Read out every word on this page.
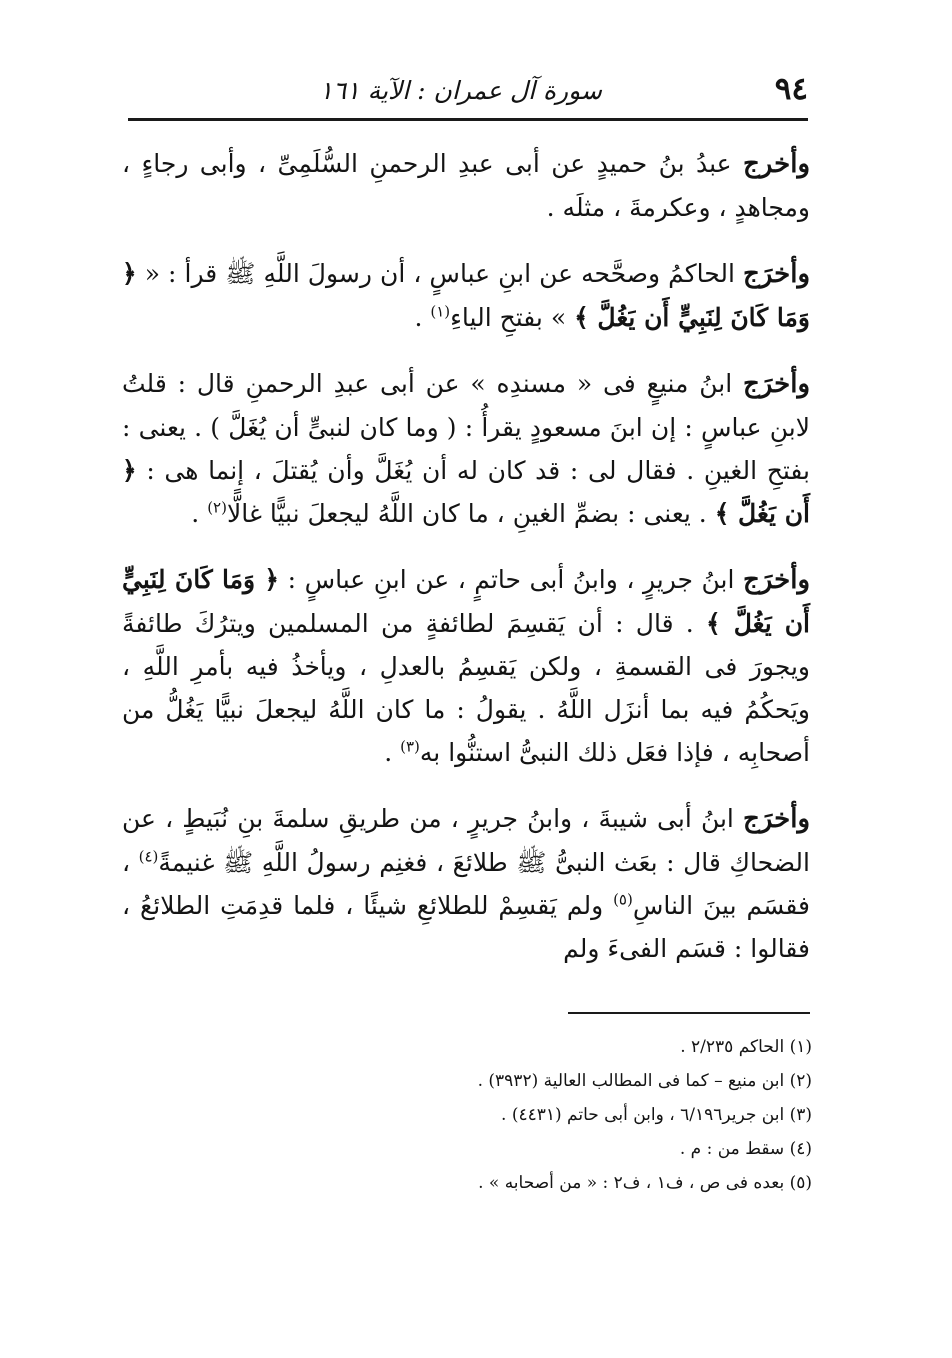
٩٤
سورة آل عمران : الآية ١٦١

وأخرج عبدُ بنُ حميدٍ عن أبى عبدِ الرحمنِ السُّلَمِىِّ ، وأبى رجاءٍ ، ومجاهدٍ ، وعكرمةَ ، مثلَه .

وأخرَج الحاكمُ وصحَّحه عن ابنِ عباسٍ ، أن رسولَ اللَّهِ ﷺ قرأ : « ﴿ وَمَا كَانَ لِنَبِيٍّ أَن يَغُلَّ ﴾ » بفتحِ الياءِ$^{(١)}$ .

وأخرَج ابنُ منيعٍ فى « مسندِه » عن أبى عبدِ الرحمنِ قال : قلتُ لابنِ عباسٍ : إن ابنَ مسعودٍ يقرأُ : ( وما كان لنبىٍّ أن يُغَلَّ ) . يعنى : بفتحِ الغينِ . فقال لى : قد كان له أن يُغَلَّ وأن يُقتلَ ، إنما هى : ﴿ أَن يَغُلَّ ﴾ . يعنى : بضمِّ الغينِ ، ما كان اللَّهُ ليجعلَ نبيًّا غالًّا$^{(٢)}$ .

وأخرَج ابنُ جريرٍ ، وابنُ أبى حاتمٍ ، عن ابنِ عباسٍ : ﴿ وَمَا كَانَ لِنَبِيٍّ أَن يَغُلَّ ﴾ . قال : أن يَقسِمَ لطائفةٍ من المسلمين ويترُكَ طائفةً ويجورَ فى القسمةِ ، ولكن يَقسِمُ بالعدلِ ، ويأخذُ فيه بأمرِ اللَّهِ ، ويَحكُمُ فيه بما أنزَل اللَّهُ . يقولُ : ما كان اللَّهُ ليجعلَ نبيًّا يَغُلُّ من أصحابِه ، فإذا فعَل ذلك النبىُّ استنُّوا به$^{(٣)}$ .

وأخرَج ابنُ أبى شيبةَ ، وابنُ جريرٍ ، من طريقِ سلمةَ بنِ نُبَيطٍ ، عن الضحاكِ قال : بعَث النبىُّ ﷺ طلائعَ ، فغنِم رسولُ اللَّهِ ﷺ غنيمةً$^{(٤)}$ ، فقسَم بينَ الناسِ$^{(٥)}$ ولم يَقسِمْ للطلائعِ شيئًا ، فلما قدِمَتِ الطلائعُ ، فقالوا : قسَم الفىءَ ولم

(١) الحاكم ٢/٢٣٥ .
(٢) ابن منيع – كما فى المطالب العالية (٣٩٣٢) .
(٣) ابن جرير٦/١٩٦ ، وابن أبى حاتم (٤٤٣١) .
(٤) سقط من : م .
(٥) بعده فى ص ، ف١ ، ف٢ : « من أصحابه » .
